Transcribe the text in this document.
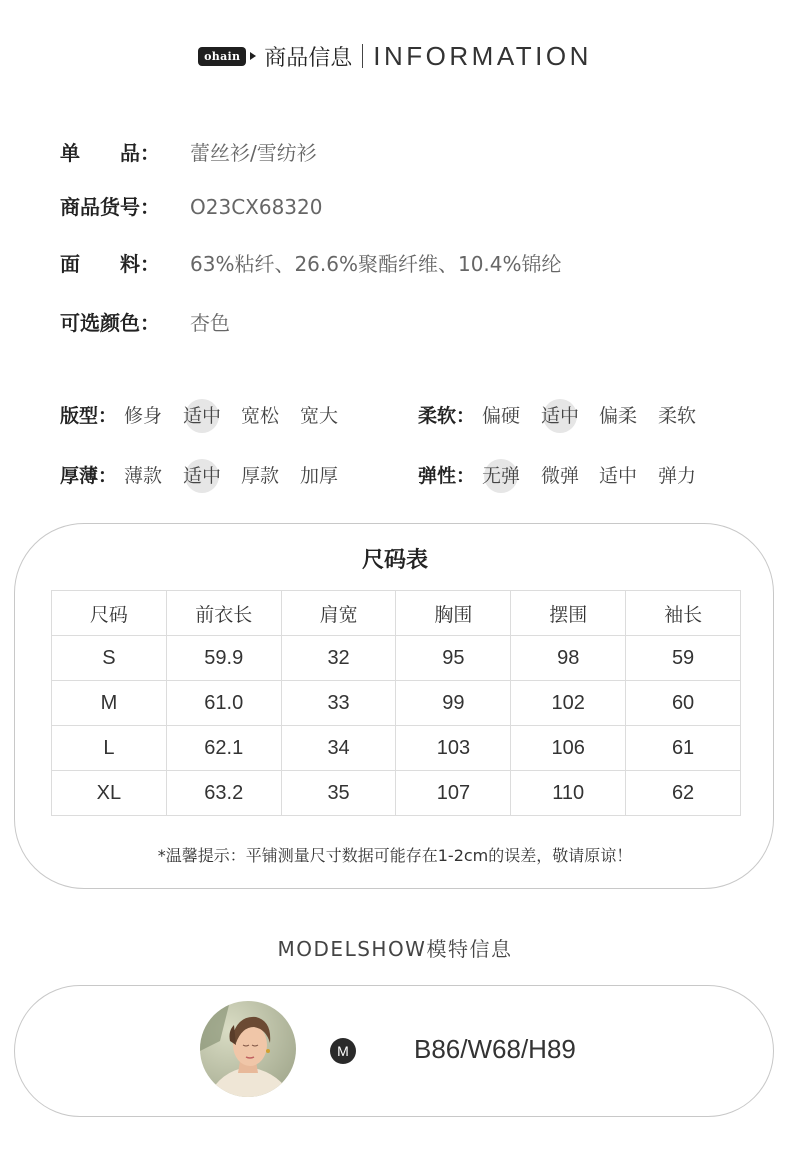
ohain 商品信息 INFORMATION
单　　品： 蕾丝衫/雪纺衫
商品货号： O23CX68320
面　　料： 63%粘纤、26.6%聚酯纤维、10.4%锦纶
可选颜色： 杏色
版型： 修身 适中 宽松 宽大	柔软： 偏硬 适中 偏柔 柔软
厚薄： 薄款 适中 厚款 加厚	弹性： 无弹 微弹 适中 弹力
尺码表
尺码	前衣长	肩宽	胸围	摆围	袖长
S	59.9	32	95	98	59
M	61.0	33	99	102	60
L	62.1	34	103	106	61
XL	63.2	35	107	110	62
*温馨提示：平铺测量尺寸数据可能存在1-2cm的误差，敬请原谅！
MODELSHOW模特信息
M	B86/W68/H89
